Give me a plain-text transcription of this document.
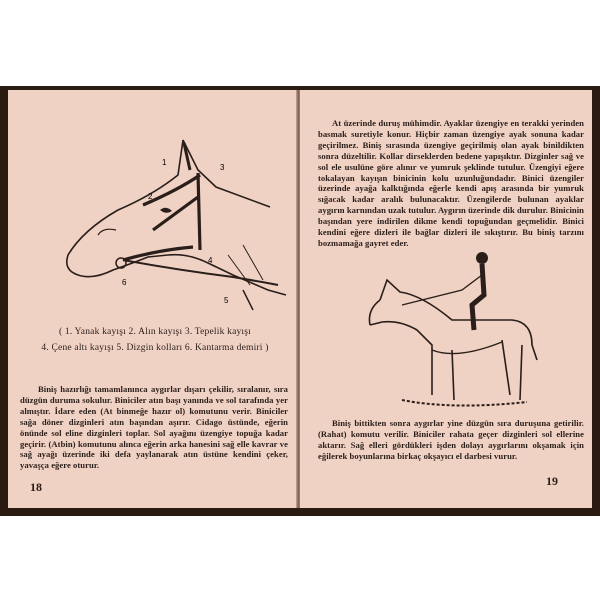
1
2
3
4
5
6
( 1. Yanak kayışı 2. Alın kayışı 3. Tepelik kayışı
4. Çene altı kayışı 5. Dizgin kolları 6. Kantarma demiri )
Biniş hazırlığı tamamlanınca aygırlar dışarı çekilir, sıralanır, sıra düzgün duruma sokulur. Biniciler atın başı yanında ve sol tarafında yer almıştır. İdare eden (At binmeğe hazır ol) komutunu verir. Biniciler sağa döner dizginleri atın başından aşırır. Cidago üstünde, eğerin önünde sol eline dizginleri toplar. Sol ayağını üzengiye topuğa kadar geçirir. (Atbin) komutunu alınca eğerin arka hanesini sağ elle kavrar ve sağ ayağı üzerinde iki defa yaylanarak atın üstüne kendini çeker, yavaşça eğere oturur.
18
At üzerinde duruş mühimdir. Ayaklar üzengiye en terakki yerinden basmak suretiyle konur. Hiçbir zaman üzengiye ayak sonuna kadar geçirilmez. Biniş sırasında üzengiye geçirilmiş olan ayak binildikten sonra düzeltilir. Kollar dirseklerden bedene yapışıktır. Dizginler sağ ve sol ele usulüne göre alınır ve yumruk şeklinde tutulur. Üzengiyi eğere tokalayan kayışın binicinin kolu uzunluğundadır. Binici üzengiler üzerinde ayağa kalktığında eğerle kendi apış arasında bir yumruk sığacak kadar aralık bulunacaktır. Üzengilerde bulunan ayaklar aygırın karnından uzak tutulur. Aygırın üzerinde dik durulur. Binicinin başından yere indirilen dikme kendi topuğundan geçmelidir. Binici kendini eğere dizleri ile bağlar dizleri ile sıkıştırır. Bu biniş tarzını bozmamağa gayret eder.
Biniş bittikten sonra aygırlar yine düzgün sıra duruşuna getirilir. (Rahat) komutu verilir. Biniciler rahata geçer dizginleri sol ellerine aktarır. Sağ elleri gördükleri işden dolayı aygırlarını okşamak için eğilerek boyunlarına birkaç okşayıcı el darbesi vurur.
19
